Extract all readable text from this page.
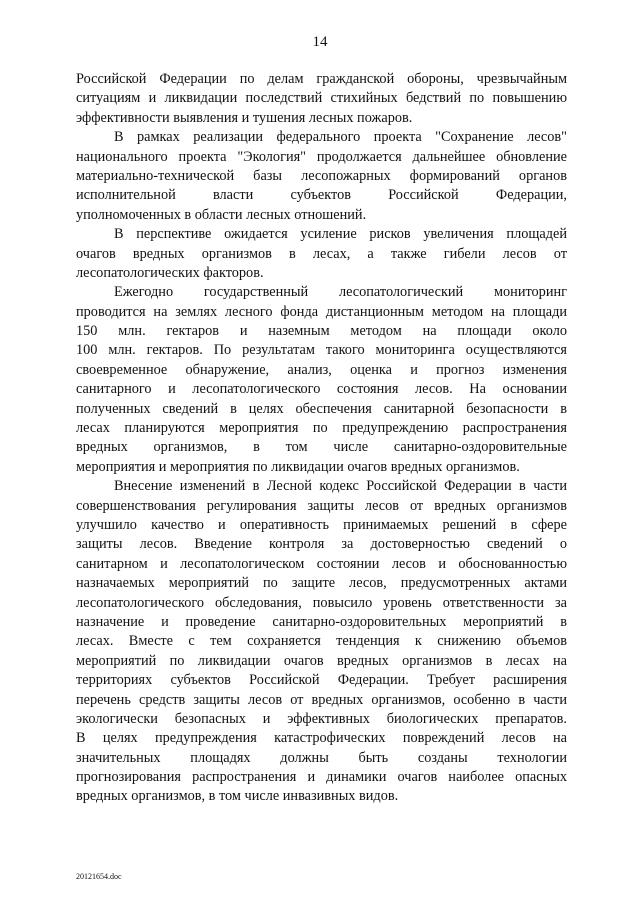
14
Российской Федерации по делам гражданской обороны, чрезвычайным
ситуациям и ликвидации последствий стихийных бедствий по повышению
эффективности выявления и тушения лесных пожаров.
В рамках реализации федерального проекта "Сохранение лесов"
национального проекта "Экология" продолжается дальнейшее обновление
материально-технической базы лесопожарных формирований органов
исполнительной власти субъектов Российской Федерации,
уполномоченных в области лесных отношений.
В перспективе ожидается усиление рисков увеличения площадей
очагов вредных организмов в лесах, а также гибели лесов от
лесопатологических факторов.
Ежегодно государственный лесопатологический мониторинг
проводится на землях лесного фонда дистанционным методом на площади
150 млн. гектаров и наземным методом на площади около
100 млн. гектаров. По результатам такого мониторинга осуществляются
своевременное обнаружение, анализ, оценка и прогноз изменения
санитарного и лесопатологического состояния лесов. На основании
полученных сведений в целях обеспечения санитарной безопасности в
лесах планируются мероприятия по предупреждению распространения
вредных организмов, в том числе санитарно-оздоровительные
мероприятия и мероприятия по ликвидации очагов вредных организмов.
Внесение изменений в Лесной кодекс Российской Федерации в части
совершенствования регулирования защиты лесов от вредных организмов
улучшило качество и оперативность принимаемых решений в сфере
защиты лесов. Введение контроля за достоверностью сведений о
санитарном и лесопатологическом состоянии лесов и обоснованностью
назначаемых мероприятий по защите лесов, предусмотренных актами
лесопатологического обследования, повысило уровень ответственности за
назначение и проведение санитарно-оздоровительных мероприятий в
лесах. Вместе с тем сохраняется тенденция к снижению объемов
мероприятий по ликвидации очагов вредных организмов в лесах на
территориях субъектов Российской Федерации. Требует расширения
перечень средств защиты лесов от вредных организмов, особенно в части
экологически безопасных и эффективных биологических препаратов.
В целях предупреждения катастрофических повреждений лесов на
значительных площадях должны быть созданы технологии
прогнозирования распространения и динамики очагов наиболее опасных
вредных организмов, в том числе инвазивных видов.
20121654.doc
